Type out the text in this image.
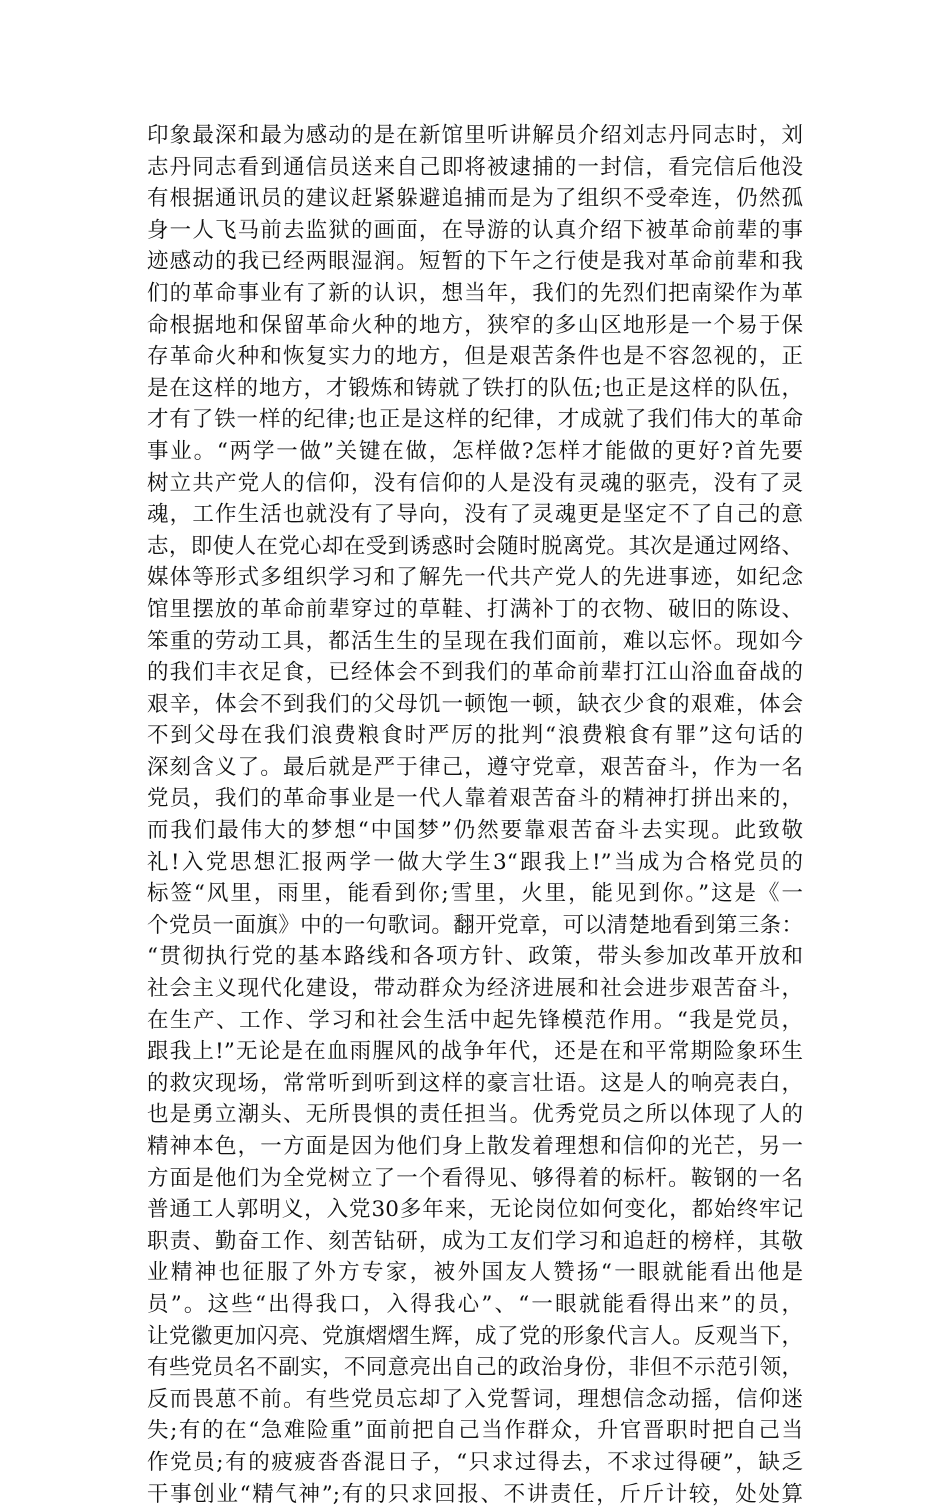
印象最深和最为感动的是在新馆里听讲解员介绍刘志丹同志时，刘
志丹同志看到通信员送来自己即将被逮捕的一封信，看完信后他没
有根据通讯员的建议赶紧躲避追捕而是为了组织不受牵连，仍然孤
身一人飞马前去监狱的画面，在导游的认真介绍下被革命前辈的事
迹感动的我已经两眼湿润。短暂的下午之行使是我对革命前辈和我
们的革命事业有了新的认识，想当年，我们的先烈们把南梁作为革
命根据地和保留革命火种的地方，狭窄的多山区地形是一个易于保
存革命火种和恢复实力的地方，但是艰苦条件也是不容忽视的，正
是在这样的地方，才锻炼和铸就了铁打的队伍;也正是这样的队伍，
才有了铁一样的纪律;也正是这样的纪律，才成就了我们伟大的革命
事业。“两学一做”关键在做，怎样做?怎样才能做的更好?首先要
树立共产党人的信仰，没有信仰的人是没有灵魂的驱壳，没有了灵
魂，工作生活也就没有了导向，没有了灵魂更是坚定不了自己的意
志，即使人在党心却在受到诱惑时会随时脱离党。其次是通过网络、
媒体等形式多组织学习和了解先一代共产党人的先进事迹，如纪念
馆里摆放的革命前辈穿过的草鞋、打满补丁的衣物、破旧的陈设、
笨重的劳动工具，都活生生的呈现在我们面前，难以忘怀。现如今
的我们丰衣足食，已经体会不到我们的革命前辈打江山浴血奋战的
艰辛，体会不到我们的父母饥一顿饱一顿，缺衣少食的艰难，体会
不到父母在我们浪费粮食时严厉的批判“浪费粮食有罪”这句话的
深刻含义了。最后就是严于律己，遵守党章，艰苦奋斗，作为一名
党员，我们的革命事业是一代人靠着艰苦奋斗的精神打拼出来的，
而我们最伟大的梦想“中国梦”仍然要靠艰苦奋斗去实现。此致敬
礼!入党思想汇报两学一做大学生3“跟我上!”当成为合格党员的
标签“风里，雨里，能看到你;雪里，火里，能见到你。”这是《一
个党员一面旗》中的一句歌词。翻开党章，可以清楚地看到第三条：
“贯彻执行党的基本路线和各项方针、政策，带头参加改革开放和
社会主义现代化建设，带动群众为经济进展和社会进步艰苦奋斗，
在生产、工作、学习和社会生活中起先锋模范作用。“我是党员，
跟我上!”无论是在血雨腥风的战争年代，还是在和平常期险象环生
的救灾现场，常常听到听到这样的豪言壮语。这是人的响亮表白，
也是勇立潮头、无所畏惧的责任担当。优秀党员之所以体现了人的
精神本色，一方面是因为他们身上散发着理想和信仰的光芒，另一
方面是他们为全党树立了一个看得见、够得着的标杆。鞍钢的一名
普通工人郭明义，入党30多年来，无论岗位如何变化，都始终牢记
职责、勤奋工作、刻苦钻研，成为工友们学习和追赶的榜样，其敬
业精神也征服了外方专家，被外国友人赞扬“一眼就能看出他是
员”。这些“出得我口，入得我心”、“一眼就能看得出来”的员，
让党徽更加闪亮、党旗熠熠生辉，成了党的形象代言人。反观当下，
有些党员名不副实，不同意亮出自己的政治身份，非但不示范引领，
反而畏葸不前。有些党员忘却了入党誓词，理想信念动摇，信仰迷
失;有的在“急难险重”面前把自己当作群众，升官晋职时把自己当
作党员;有的疲疲沓沓混日子，“只求过得去，不求过得硬”，缺乏
干事创业“精气神”;有的只求回报、不讲责任，斤斤计较，处处算
